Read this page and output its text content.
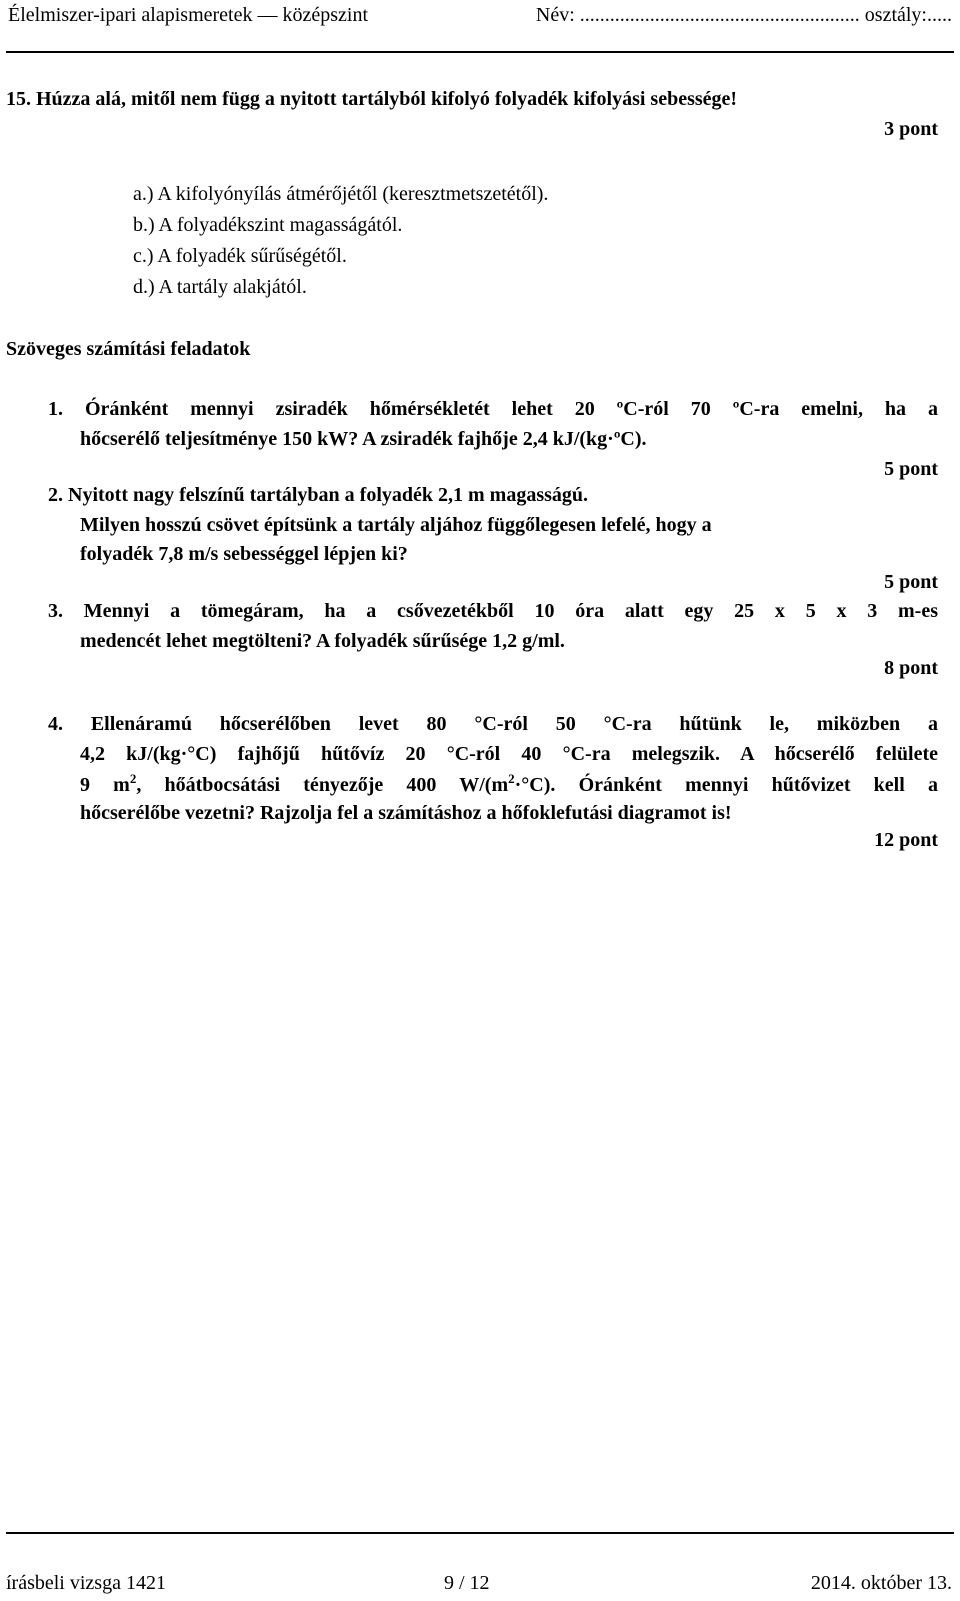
Élelmiszer-ipari alapismeretek — középszint	Név: ........................................................ osztály:.....
15. Húzza alá, mitől nem függ a nyitott tartályból kifolyó folyadék kifolyási sebessége!
3 pont
a.) A kifolyónyílás átmérőjétől (keresztmetszetétől).
b.) A folyadékszint magasságától.
c.) A folyadék sűrűségétől.
d.) A tartály alakjától.
Szöveges számítási feladatok
1. Óránként mennyi zsiradék hőmérsékletét lehet 20 ºC-ról 70 ºC-ra emelni, ha a
hőcserélő teljesítménye 150 kW? A zsiradék fajhője 2,4 kJ/(kg·ºC).
5 pont
2. Nyitott nagy felszínű tartályban a folyadék 2,1 m magasságú.
Milyen hosszú csövet építsünk a tartály aljához függőlegesen lefelé, hogy a
folyadék 7,8 m/s sebességgel lépjen ki?
5 pont
3. Mennyi a tömegáram, ha a csővezetékből 10 óra alatt egy 25 x 5 x 3 m-es
medencét lehet megtölteni? A folyadék sűrűsége 1,2 g/ml.
8 pont
4. Ellenáramú hőcserélőben levet 80 °C-ról 50 °C-ra hűtünk le, miközben a
4,2 kJ/(kg·°C) fajhőjű hűtővíz 20 °C-ról 40 °C-ra melegszik. A hőcserélő felülete
9 $m^2$, hőátbocsátási tényezője 400 $W/(m^2\cdot^\circ C)$. Óránként mennyi hűtővizet kell a
hőcserélőbe vezetni? Rajzolja fel a számításhoz a hőfoklefutási diagramot is!
12 pont
írásbeli vizsga 1421	9 / 12	2014. október 13.
